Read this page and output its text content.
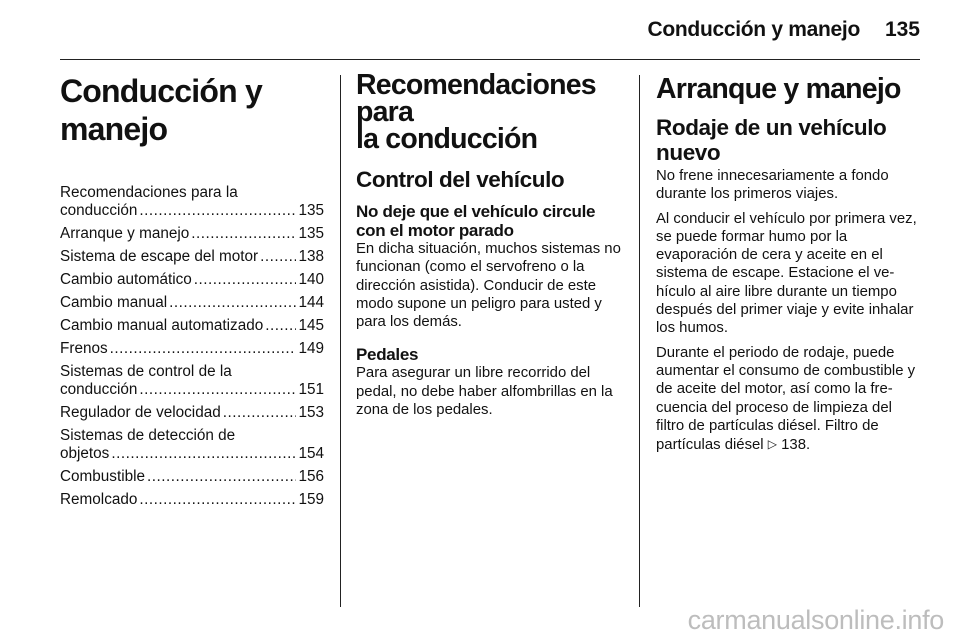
Conducción y manejo 135
Conducción y manejo
Recomendaciones para la
conducción .....	135
Arranque y manejo .....	135
Sistema de escape del motor .....	138
Cambio automático .....	140
Cambio manual .....	144
Cambio manual automatizado ..... 145
Frenos .....	149
Sistemas de control de la
conducción .....	151
Regulador de velocidad .....	153
Sistemas de detección de
objetos .....	154
Combustible .....	156
Remolcado .....	159
Recomendaciones para
la conducción
Control del vehículo
No deje que el vehículo circule
con el motor parado

En dicha situación, muchos sistemas no funcionan (como el servofreno o la dirección asistida). Conducir de este modo supone un peligro para usted y para los demás.

Pedales

Para asegurar un libre recorrido del pedal, no debe haber alfombrillas en la zona de los pedales.

Arranque y manejo
Rodaje de un vehículo
nuevo

No frene innecesariamente a fondo durante los primeros viajes.

Al conducir el vehículo por primera vez, se puede formar humo por la evaporación de cera y aceite en el sistema de escape. Estacione el vehículo al aire libre durante un tiempo después del primer viaje y evite inhalar los humos.

Durante el periodo de rodaje, puede aumentar el consumo de combustible y de aceite del motor, así como la frecuencia del proceso de limpieza del filtro de partículas diésel. Filtro de partículas diésel ▷ 138.

carmanualsonline.info
